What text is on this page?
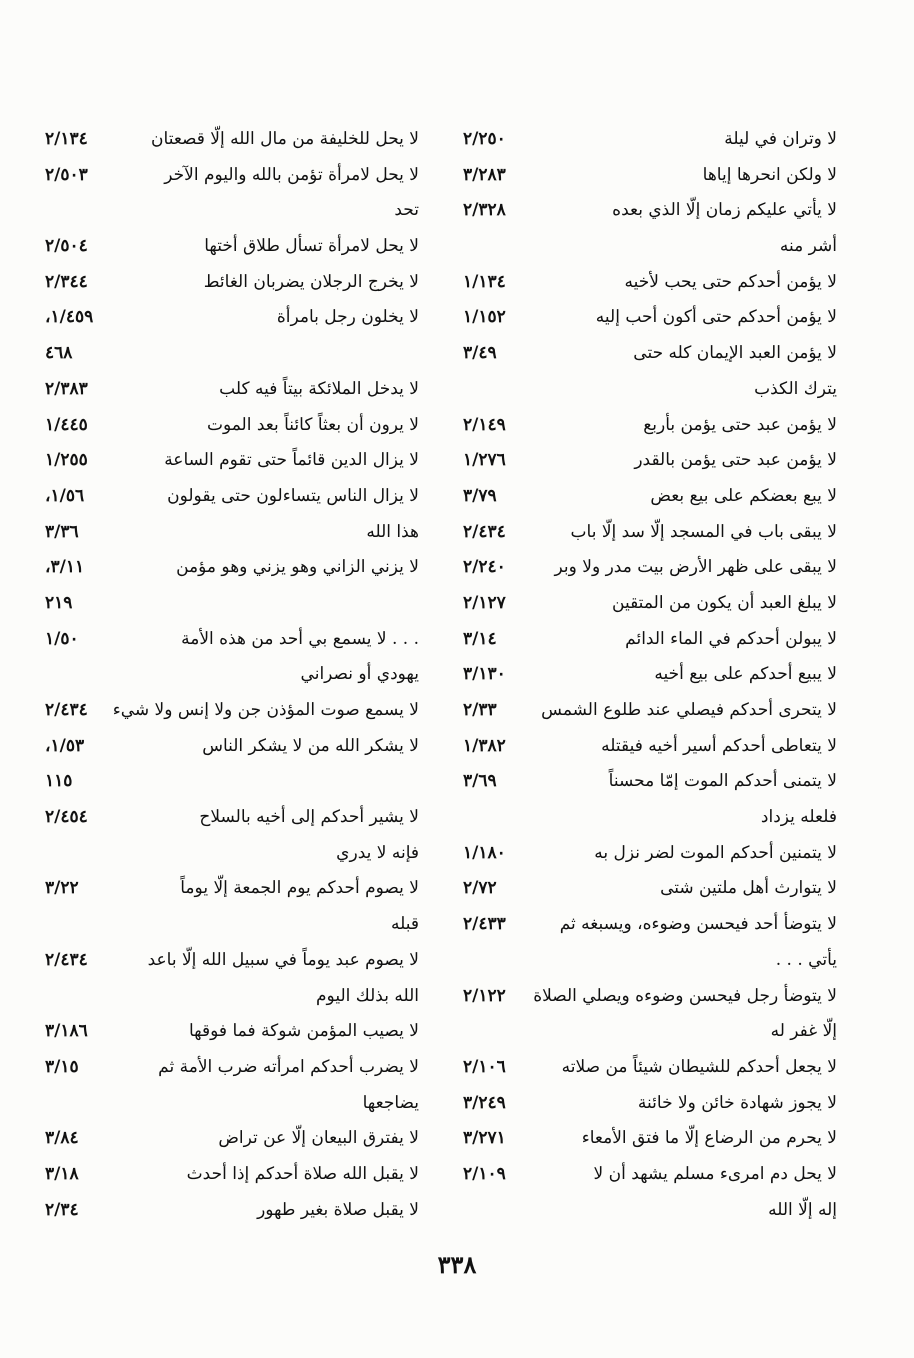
لا وتران في ليلة
٢/٢٥٠
لا ولكن انحرها إياها
٣/٢٨٣
لا يأتي عليكم زمان إلّا الذي بعده
٢/٣٢٨
أشر منه
لا يؤمن أحدكم حتى يحب لأخيه
١/١٣٤
لا يؤمن أحدكم حتى أكون أحب إليه
١/١٥٢
لا يؤمن العبد الإيمان كله حتى
٣/٤٩
يترك الكذب
لا يؤمن عبد حتى يؤمن بأربع
٢/١٤٩
لا يؤمن عبد حتى يؤمن بالقدر
١/٢٧٦
لا يبع بعضكم على بيع بعض
٣/٧٩
لا يبقى باب في المسجد إلّا سد إلّا باب
٢/٤٣٤
لا يبقى على ظهر الأرض بيت مدر ولا وبر
٢/٢٤٠
لا يبلغ العبد أن يكون من المتقين
٢/١٢٧
لا يبولن أحدكم في الماء الدائم
٣/١٤
لا يبيع أحدكم على بيع أخيه
٣/١٣٠
لا يتحرى أحدكم فيصلي عند طلوع الشمس
٢/٣٣
لا يتعاطى أحدكم أسير أخيه فيقتله
١/٣٨٢
لا يتمنى أحدكم الموت إمّا محسناً
٣/٦٩
فلعله يزداد
لا يتمنين أحدكم الموت لضر نزل به
١/١٨٠
لا يتوارث أهل ملتين شتى
٢/٧٢
لا يتوضأ أحد فيحسن وضوءه، ويسبغه ثم
٢/٤٣٣
يأتي . . .
لا يتوضأ رجل فيحسن وضوءه ويصلي الصلاة
٢/١٢٢
إلّا غفر له
لا يجعل أحدكم للشيطان شيئاً من صلاته
٢/١٠٦
لا يجوز شهادة خائن ولا خائنة
٣/٢٤٩
لا يحرم من الرضاع إلّا ما فتق الأمعاء
٣/٢٧١
لا يحل دم امرىء مسلم يشهد أن لا
٢/١٠٩
إله إلّا الله
لا يحل للخليفة من مال الله إلّا قصعتان
٢/١٣٤
لا يحل لامرأة تؤمن بالله واليوم الآخر
٢/٥٠٣
تحد
لا يحل لامرأة تسأل طلاق أختها
٢/٥٠٤
لا يخرج الرجلان يضربان الغائط
٢/٣٤٤
لا يخلون رجل بامرأة
١/٤٥٩،
٤٦٨
لا يدخل الملائكة بيتاً فيه كلب
٢/٣٨٣
لا يرون أن بعثاً كائناً بعد الموت
١/٤٤٥
لا يزال الدين قائماً حتى تقوم الساعة
١/٢٥٥
لا يزال الناس يتساءلون حتى يقولون
١/٥٦،
هذا الله
٣/٣٦
لا يزني الزاني وهو يزني وهو مؤمن
٣/١١،
٢١٩
. . . لا يسمع بي أحد من هذه الأمة
١/٥٠
يهودي أو نصراني
لا يسمع صوت المؤذن جن ولا إنس ولا شيء
٢/٤٣٤
لا يشكر الله من لا يشكر الناس
١/٥٣،
١١٥
لا يشير أحدكم إلى أخيه بالسلاح
٢/٤٥٤
فإنه لا يدري
لا يصوم أحدكم يوم الجمعة إلّا يوماً
٣/٢٢
قبله
لا يصوم عبد يوماً في سبيل الله إلّا باعد
٢/٤٣٤
الله بذلك اليوم
لا يصيب المؤمن شوكة فما فوقها
٣/١٨٦
لا يضرب أحدكم امرأته ضرب الأمة ثم
٣/١٥
يضاجعها
لا يفترق البيعان إلّا عن تراض
٣/٨٤
لا يقبل الله صلاة أحدكم إذا أحدث
٣/١٨
لا يقبل صلاة بغير طهور
٢/٣٤
٣٣٨
